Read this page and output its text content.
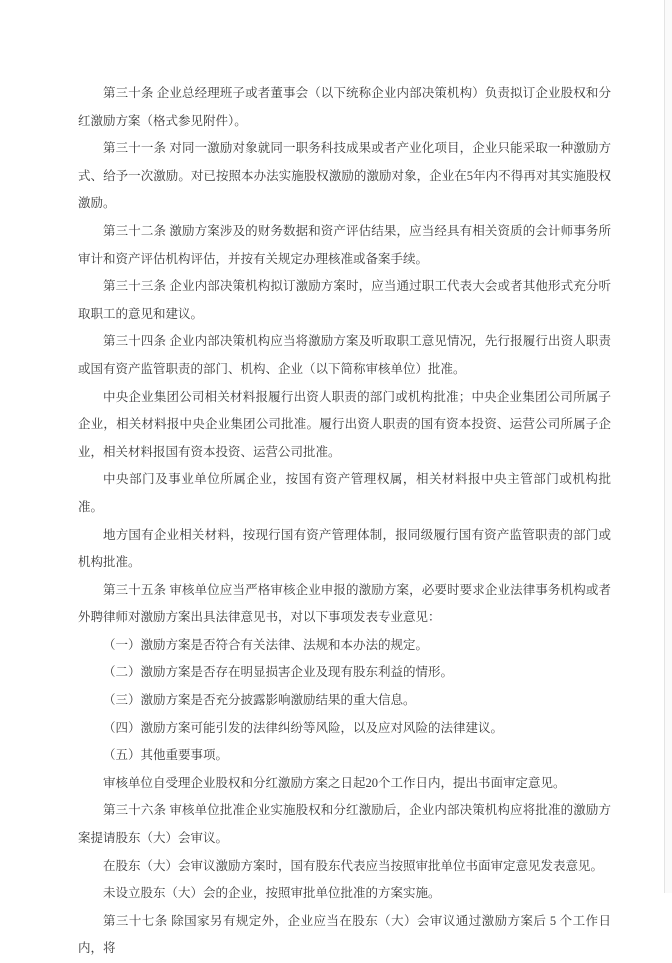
第三十条 企业总经理班子或者董事会（以下统称企业内部决策机构）负责拟订企业股权和分红激励方案（格式参见附件）。

第三十一条 对同一激励对象就同一职务科技成果或者产业化项目，企业只能采取一种激励方式、给予一次激励。对已按照本办法实施股权激励的激励对象，企业在5年内不得再对其实施股权激励。

第三十二条 激励方案涉及的财务数据和资产评估结果，应当经具有相关资质的会计师事务所审计和资产评估机构评估，并按有关规定办理核准或备案手续。

第三十三条 企业内部决策机构拟订激励方案时，应当通过职工代表大会或者其他形式充分听取职工的意见和建议。

第三十四条 企业内部决策机构应当将激励方案及听取职工意见情况，先行报履行出资人职责或国有资产监管职责的部门、机构、企业（以下简称审核单位）批准。

中央企业集团公司相关材料报履行出资人职责的部门或机构批准；中央企业集团公司所属子企业，相关材料报中央企业集团公司批准。履行出资人职责的国有资本投资、运营公司所属子企业，相关材料报国有资本投资、运营公司批准。

中央部门及事业单位所属企业，按国有资产管理权属，相关材料报中央主管部门或机构批准。

地方国有企业相关材料，按现行国有资产管理体制，报同级履行国有资产监管职责的部门或机构批准。

第三十五条 审核单位应当严格审核企业申报的激励方案，必要时要求企业法律事务机构或者外聘律师对激励方案出具法律意见书，对以下事项发表专业意见：

（一）激励方案是否符合有关法律、法规和本办法的规定。

（二）激励方案是否存在明显损害企业及现有股东利益的情形。

（三）激励方案是否充分披露影响激励结果的重大信息。

（四）激励方案可能引发的法律纠纷等风险，以及应对风险的法律建议。

（五）其他重要事项。

审核单位自受理企业股权和分红激励方案之日起20个工作日内，提出书面审定意见。

第三十六条 审核单位批准企业实施股权和分红激励后，企业内部决策机构应将批准的激励方案提请股东（大）会审议。

在股东（大）会审议激励方案时，国有股东代表应当按照审批单位书面审定意见发表意见。

未设立股东（大）会的企业，按照审批单位批准的方案实施。

第三十七条 除国家另有规定外，企业应当在股东（大）会审议通过激励方案后 5 个工作日内，将
